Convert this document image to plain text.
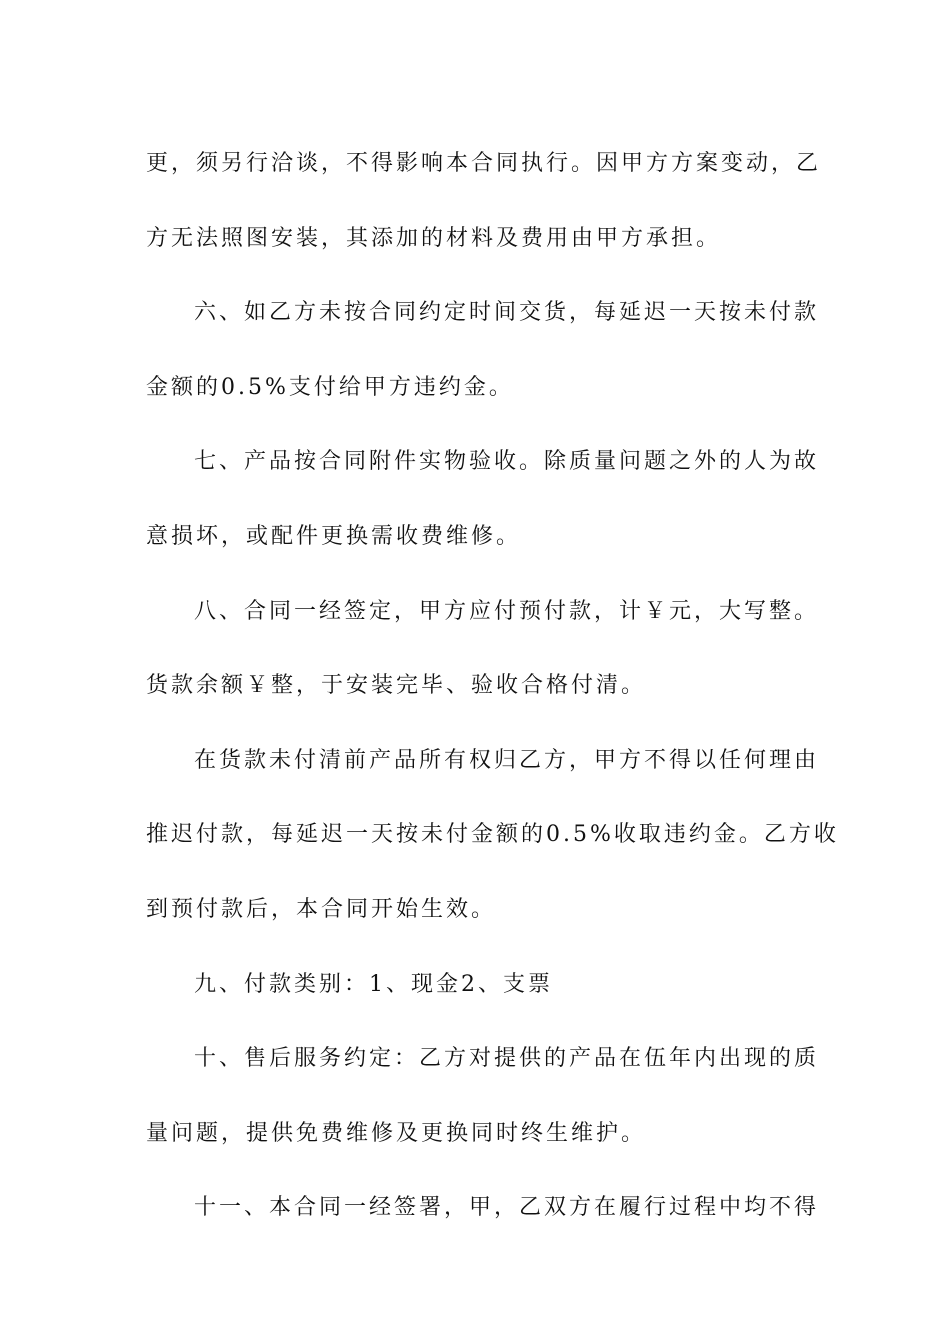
更，须另行洽谈，不得影响本合同执行。因甲方方案变动，乙
方无法照图安装，其添加的材料及费用由甲方承担。

六、如乙方未按合同约定时间交货，每延迟一天按未付款
金额的0.5%支付给甲方违约金。

七、产品按合同附件实物验收。除质量问题之外的人为故
意损坏，或配件更换需收费维修。

八、合同一经签定，甲方应付预付款，计￥元，大写整。
货款余额￥整，于安装完毕、验收合格付清。

在货款未付清前产品所有权归乙方，甲方不得以任何理由
推迟付款，每延迟一天按未付金额的0.5%收取违约金。乙方收
到预付款后，本合同开始生效。

九、付款类别：1、现金2、支票

十、售后服务约定：乙方对提供的产品在伍年内出现的质
量问题，提供免费维修及更换同时终生维护。

十一、本合同一经签署，甲，乙双方在履行过程中均不得
